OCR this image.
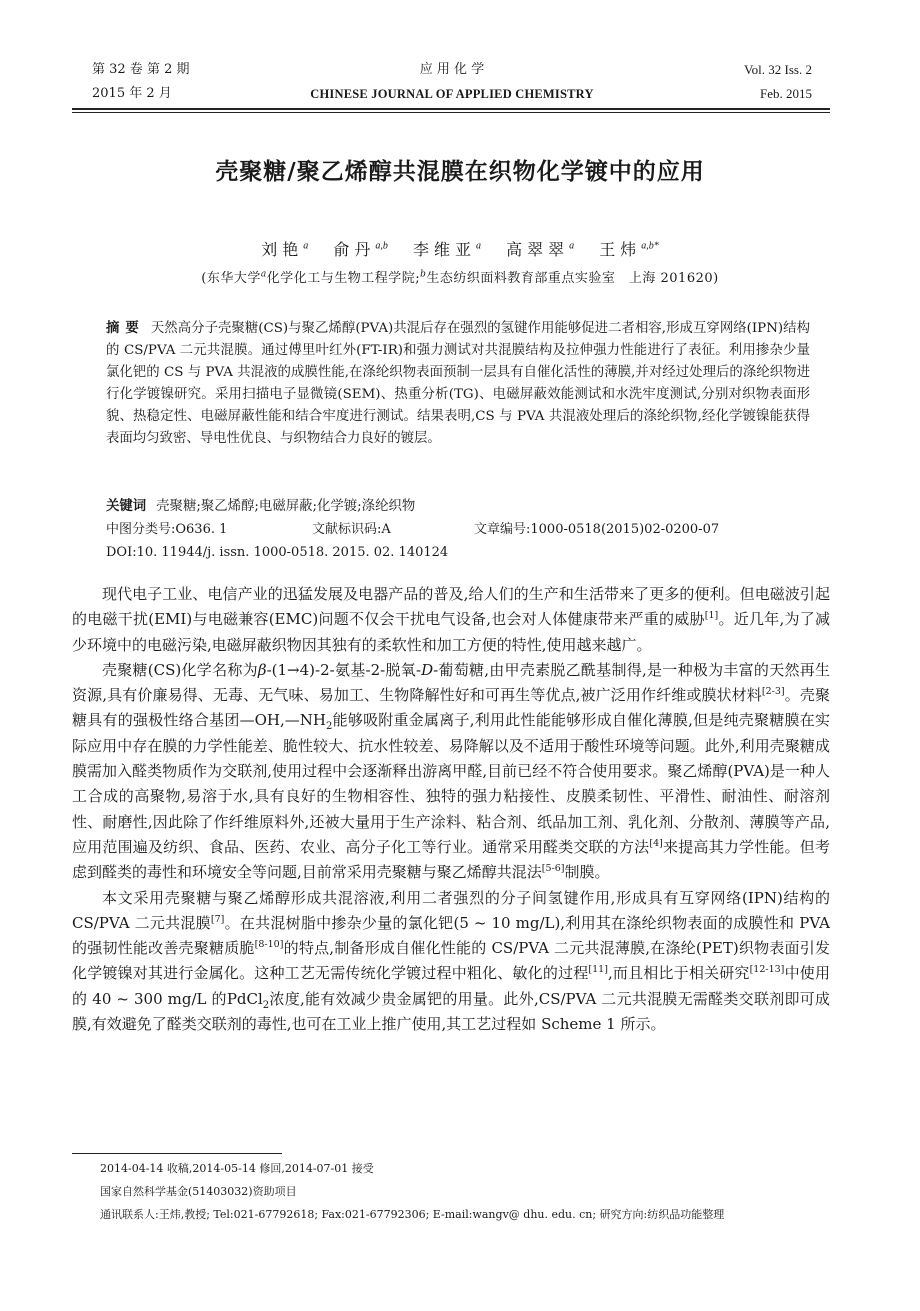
第 32 卷 第 2 期
2015 年 2 月
应 用 化 学
CHINESE JOURNAL OF APPLIED CHEMISTRY
Vol. 32 Iss. 2
Feb. 2015
壳聚糖/聚乙烯醇共混膜在织物化学镀中的应用
刘艳$^a$ 俞丹$^{a,b}$ 李维亚$^a$ 高翠翠$^a$ 王炜$^{a,b*}$
(东华大学$^a$化学化工与生物工程学院;$^b$生态纺织面料教育部重点实验室　上海 201620)
摘要 天然高分子壳聚糖(CS)与聚乙烯醇(PVA)共混后存在强烈的氢键作用能够促进二者相容,形成互穿网络(IPN)结构的 CS/PVA 二元共混膜。通过傅里叶红外(FT-IR)和强力测试对共混膜结构及拉伸强力性能进行了表征。利用掺杂少量氯化钯的 CS 与 PVA 共混液的成膜性能,在涤纶织物表面预制一层具有自催化活性的薄膜,并对经过处理后的涤纶织物进行化学镀镍研究。采用扫描电子显微镜(SEM)、热重分析(TG)、电磁屏蔽效能测试和水洗牢度测试,分别对织物表面形貌、热稳定性、电磁屏蔽性能和结合牢度进行测试。结果表明,CS 与 PVA 共混液处理后的涤纶织物,经化学镀镍能获得表面均匀致密、导电性优良、与织物结合力良好的镀层。
关键词 壳聚糖;聚乙烯醇;电磁屏蔽;化学镀;涤纶织物
中图分类号:O636. 1	文献标识码:A	文章编号:1000-0518(2015)02-0200-07
DOI:10. 11944/j. issn. 1000-0518. 2015. 02. 140124

现代电子工业、电信产业的迅猛发展及电器产品的普及,给人们的生产和生活带来了更多的便利。但电磁波引起的电磁干扰(EMI)与电磁兼容(EMC)问题不仅会干扰电气设备,也会对人体健康带来严重的威胁[1]。近几年,为了减少环境中的电磁污染,电磁屏蔽织物因其独有的柔软性和加工方便的特性,使用越来越广。

壳聚糖(CS)化学名称为β-(1→4)-2-氨基-2-脱氧-D-葡萄糖,由甲壳素脱乙酰基制得,是一种极为丰富的天然再生资源,具有价廉易得、无毒、无气味、易加工、生物降解性好和可再生等优点,被广泛用作纤维或膜状材料[2-3]。壳聚糖具有的强极性络合基团$—OH,—NH_2$能够吸附重金属离子,利用此性能能够形成自催化薄膜,但是纯壳聚糖膜在实际应用中存在膜的力学性能差、脆性较大、抗水性较差、易降解以及不适用于酸性环境等问题。此外,利用壳聚糖成膜需加入醛类物质作为交联剂,使用过程中会逐渐释出游离甲醛,目前已经不符合使用要求。聚乙烯醇(PVA)是一种人工合成的高聚物,易溶于水,具有良好的生物相容性、独特的强力粘接性、皮膜柔韧性、平滑性、耐油性、耐溶剂性、耐磨性,因此除了作纤维原料外,还被大量用于生产涂料、粘合剂、纸品加工剂、乳化剂、分散剂、薄膜等产品,应用范围遍及纺织、食品、医药、农业、高分子化工等行业。通常采用醛类交联的方法[4]来提高其力学性能。但考虑到醛类的毒性和环境安全等问题,目前常采用壳聚糖与聚乙烯醇共混法[5-6]制膜。

本文采用壳聚糖与聚乙烯醇形成共混溶液,利用二者强烈的分子间氢键作用,形成具有互穿网络(IPN)结构的 CS/PVA 二元共混膜[7]。在共混树脂中掺杂少量的氯化钯(5 ~ 10 mg/L),利用其在涤纶织物表面的成膜性和 PVA 的强韧性能改善壳聚糖质脆[8-10]的特点,制备形成自催化性能的 CS/PVA 二元共混薄膜,在涤纶(PET)织物表面引发化学镀镍对其进行金属化。这种工艺无需传统化学镀过程中粗化、敏化的过程[11],而且相比于相关研究[12-13]中使用的 40 ~ 300 mg/L 的PdCl$_2$浓度,能有效减少贵金属钯的用量。此外,CS/PVA 二元共混膜无需醛类交联剂即可成膜,有效避免了醛类交联剂的毒性,也可在工业上推广使用,其工艺过程如 Scheme 1 所示。

2014-04-14 收稿,2014-05-14 修回,2014-07-01 接受
国家自然科学基金(51403032)资助项目
通讯联系人:王炜,教授; Tel:021-67792618; Fax:021-67792306; E-mail:wangv@ dhu. edu. cn; 研究方向:纺织品功能整理
